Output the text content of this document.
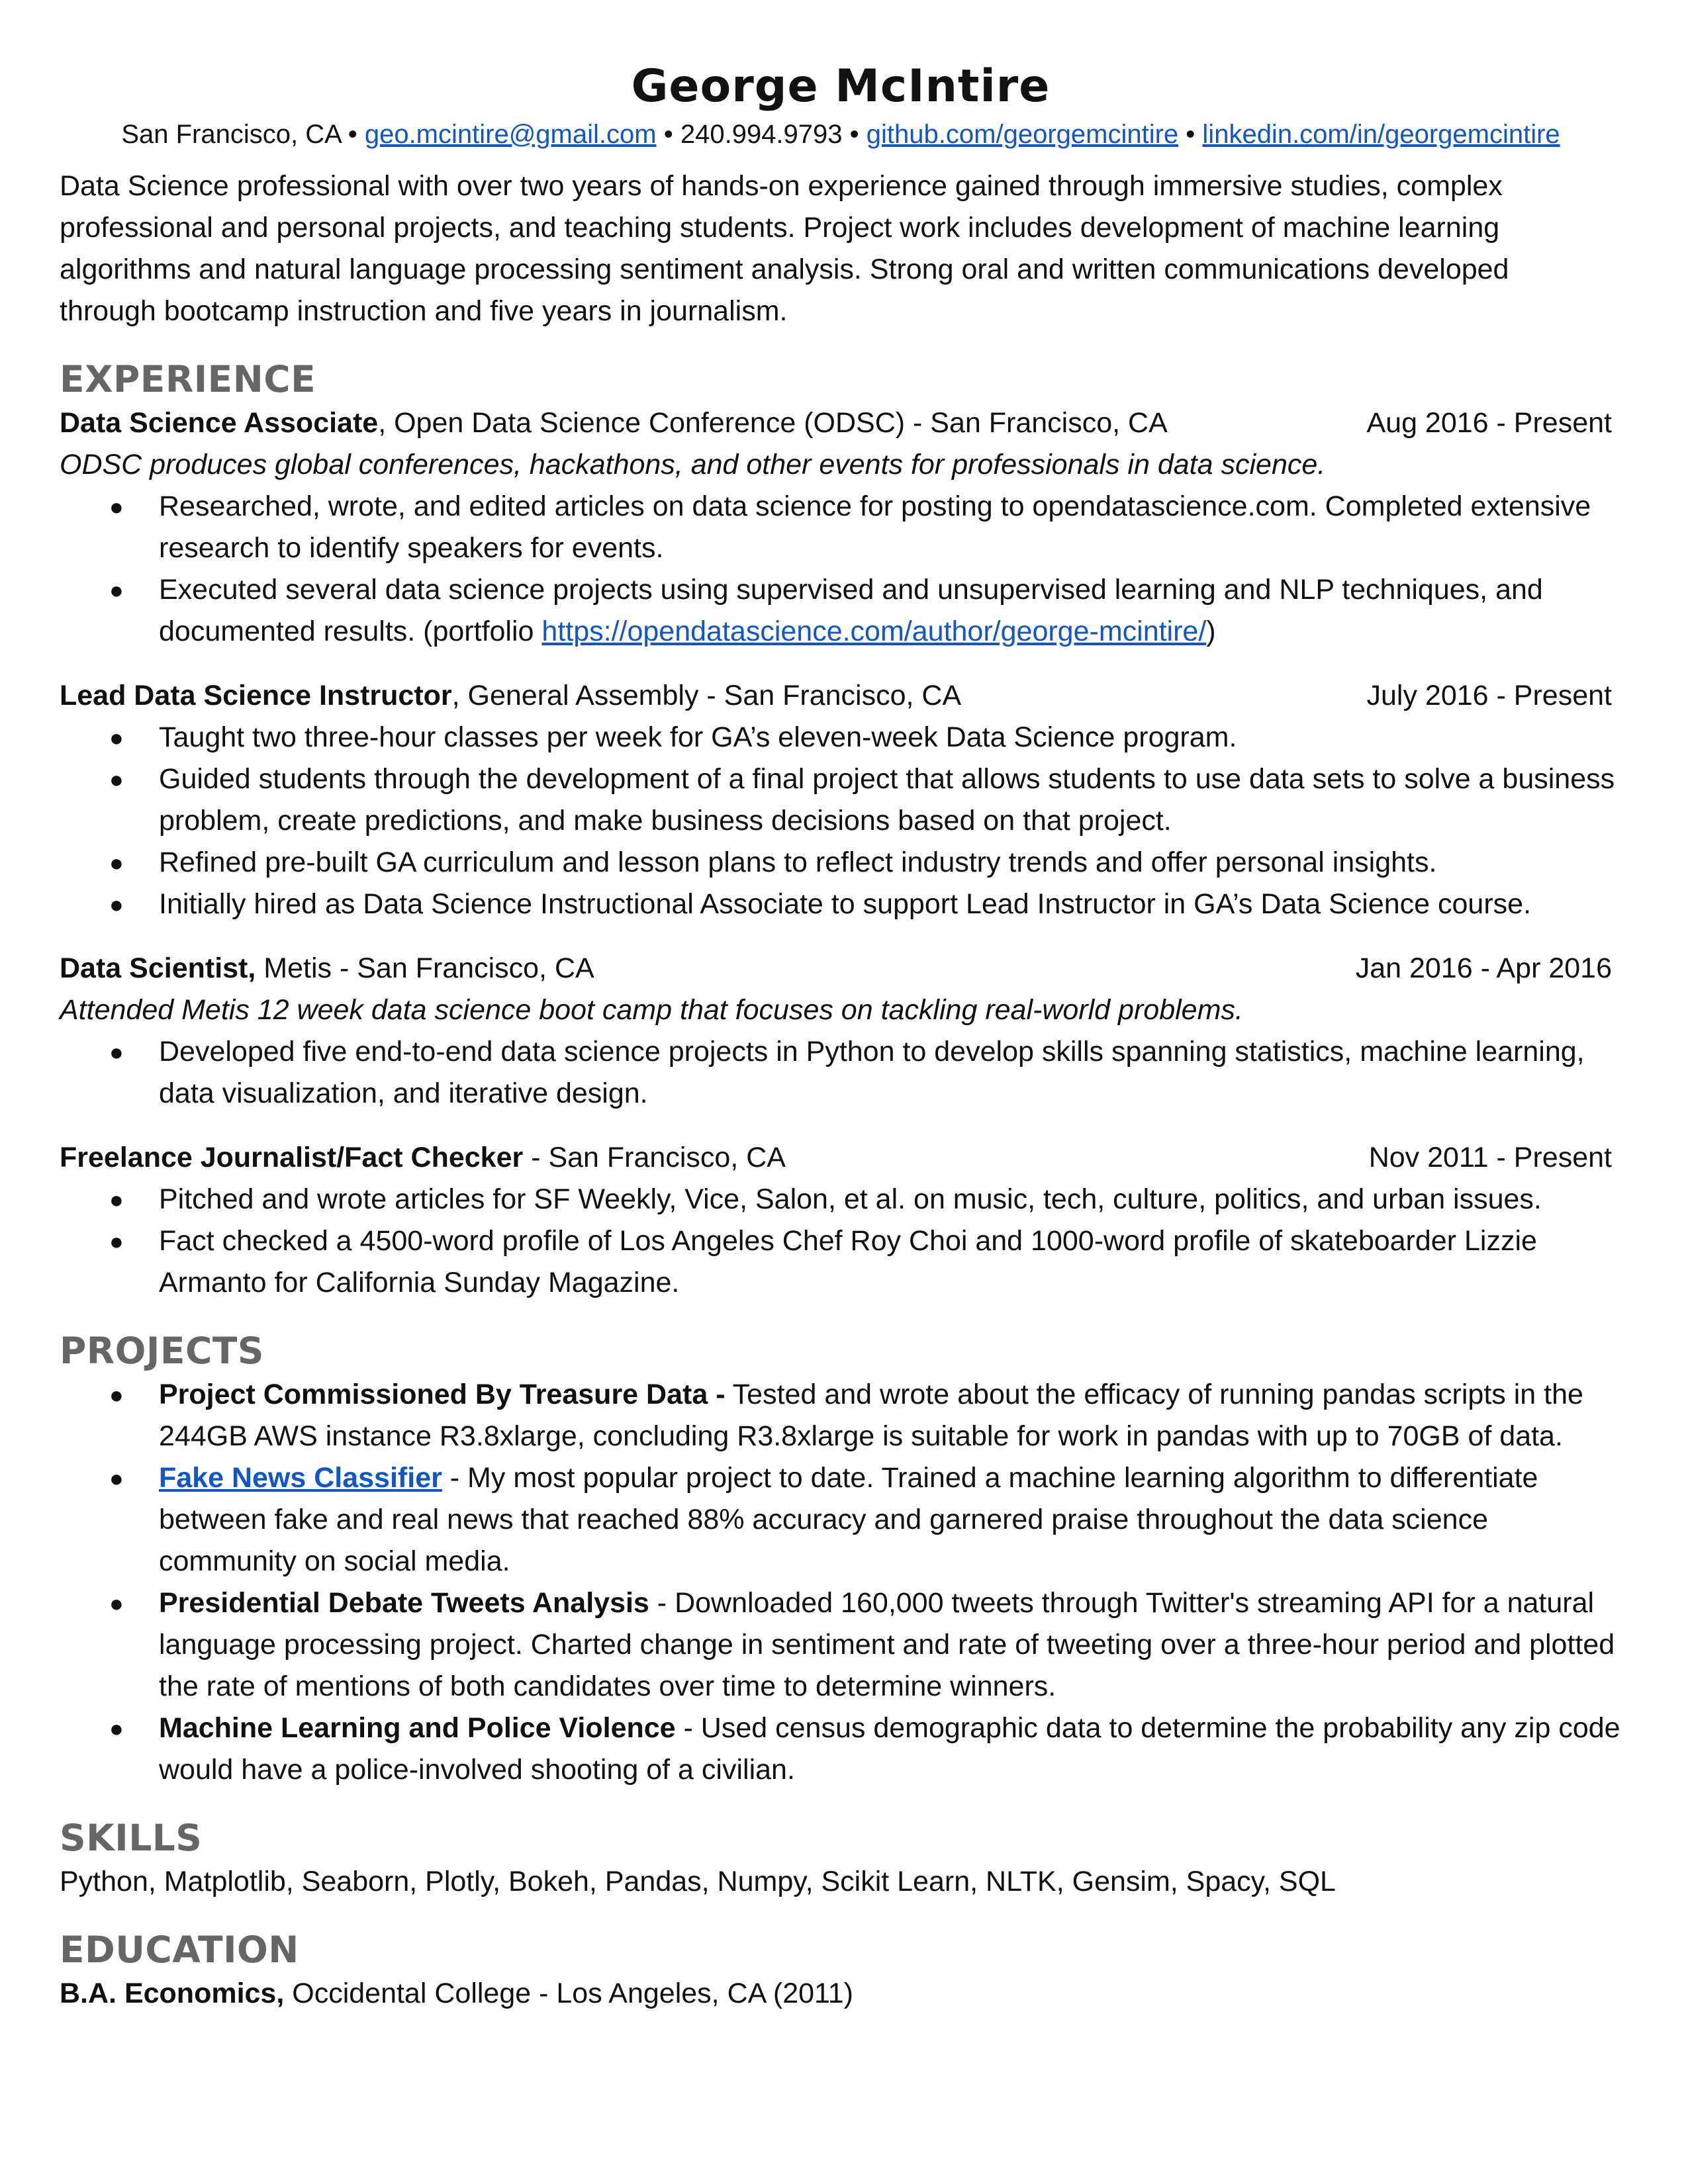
George McIntire
San Francisco, CA • geo.mcintire@gmail.com • 240.994.9793 • github.com/georgemcintire • linkedin.com/in/georgemcintire
Data Science professional with over two years of hands-on experience gained through immersive studies, complex professional and personal projects, and teaching students. Project work includes development of machine learning algorithms and natural language processing sentiment analysis. Strong oral and written communications developed through bootcamp instruction and five years in journalism.
EXPERIENCE
Data Science Associate, Open Data Science Conference (ODSC) - San Francisco, CA	Aug 2016 - Present
ODSC produces global conferences, hackathons, and other events for professionals in data science.
● Researched, wrote, and edited articles on data science for posting to opendatascience.com. Completed extensive research to identify speakers for events.
● Executed several data science projects using supervised and unsupervised learning and NLP techniques, and documented results. (portfolio https://opendatascience.com/author/george-mcintire/)
Lead Data Science Instructor, General Assembly - San Francisco, CA	July 2016 - Present
● Taught two three-hour classes per week for GA’s eleven-week Data Science program.
● Guided students through the development of a final project that allows students to use data sets to solve a business problem, create predictions, and make business decisions based on that project.
● Refined pre-built GA curriculum and lesson plans to reflect industry trends and offer personal insights.
● Initially hired as Data Science Instructional Associate to support Lead Instructor in GA’s Data Science course.
Data Scientist, Metis - San Francisco, CA	Jan 2016 - Apr 2016
Attended Metis 12 week data science boot camp that focuses on tackling real-world problems.
● Developed five end-to-end data science projects in Python to develop skills spanning statistics, machine learning, data visualization, and iterative design.
Freelance Journalist/Fact Checker - San Francisco, CA	Nov 2011 - Present
● Pitched and wrote articles for SF Weekly, Vice, Salon, et al. on music, tech, culture, politics, and urban issues.
● Fact checked a 4500-word profile of Los Angeles Chef Roy Choi and 1000-word profile of skateboarder Lizzie Armanto for California Sunday Magazine.
PROJECTS
● Project Commissioned By Treasure Data - Tested and wrote about the efficacy of running pandas scripts in the 244GB AWS instance R3.8xlarge, concluding R3.8xlarge is suitable for work in pandas with up to 70GB of data.
● Fake News Classifier - My most popular project to date. Trained a machine learning algorithm to differentiate between fake and real news that reached 88% accuracy and garnered praise throughout the data science community on social media.
● Presidential Debate Tweets Analysis - Downloaded 160,000 tweets through Twitter's streaming API for a natural language processing project. Charted change in sentiment and rate of tweeting over a three-hour period and plotted the rate of mentions of both candidates over time to determine winners.
● Machine Learning and Police Violence - Used census demographic data to determine the probability any zip code would have a police-involved shooting of a civilian.
SKILLS
Python, Matplotlib, Seaborn, Plotly, Bokeh, Pandas, Numpy, Scikit Learn, NLTK, Gensim, Spacy, SQL
EDUCATION
B.A. Economics, Occidental College - Los Angeles, CA (2011)
